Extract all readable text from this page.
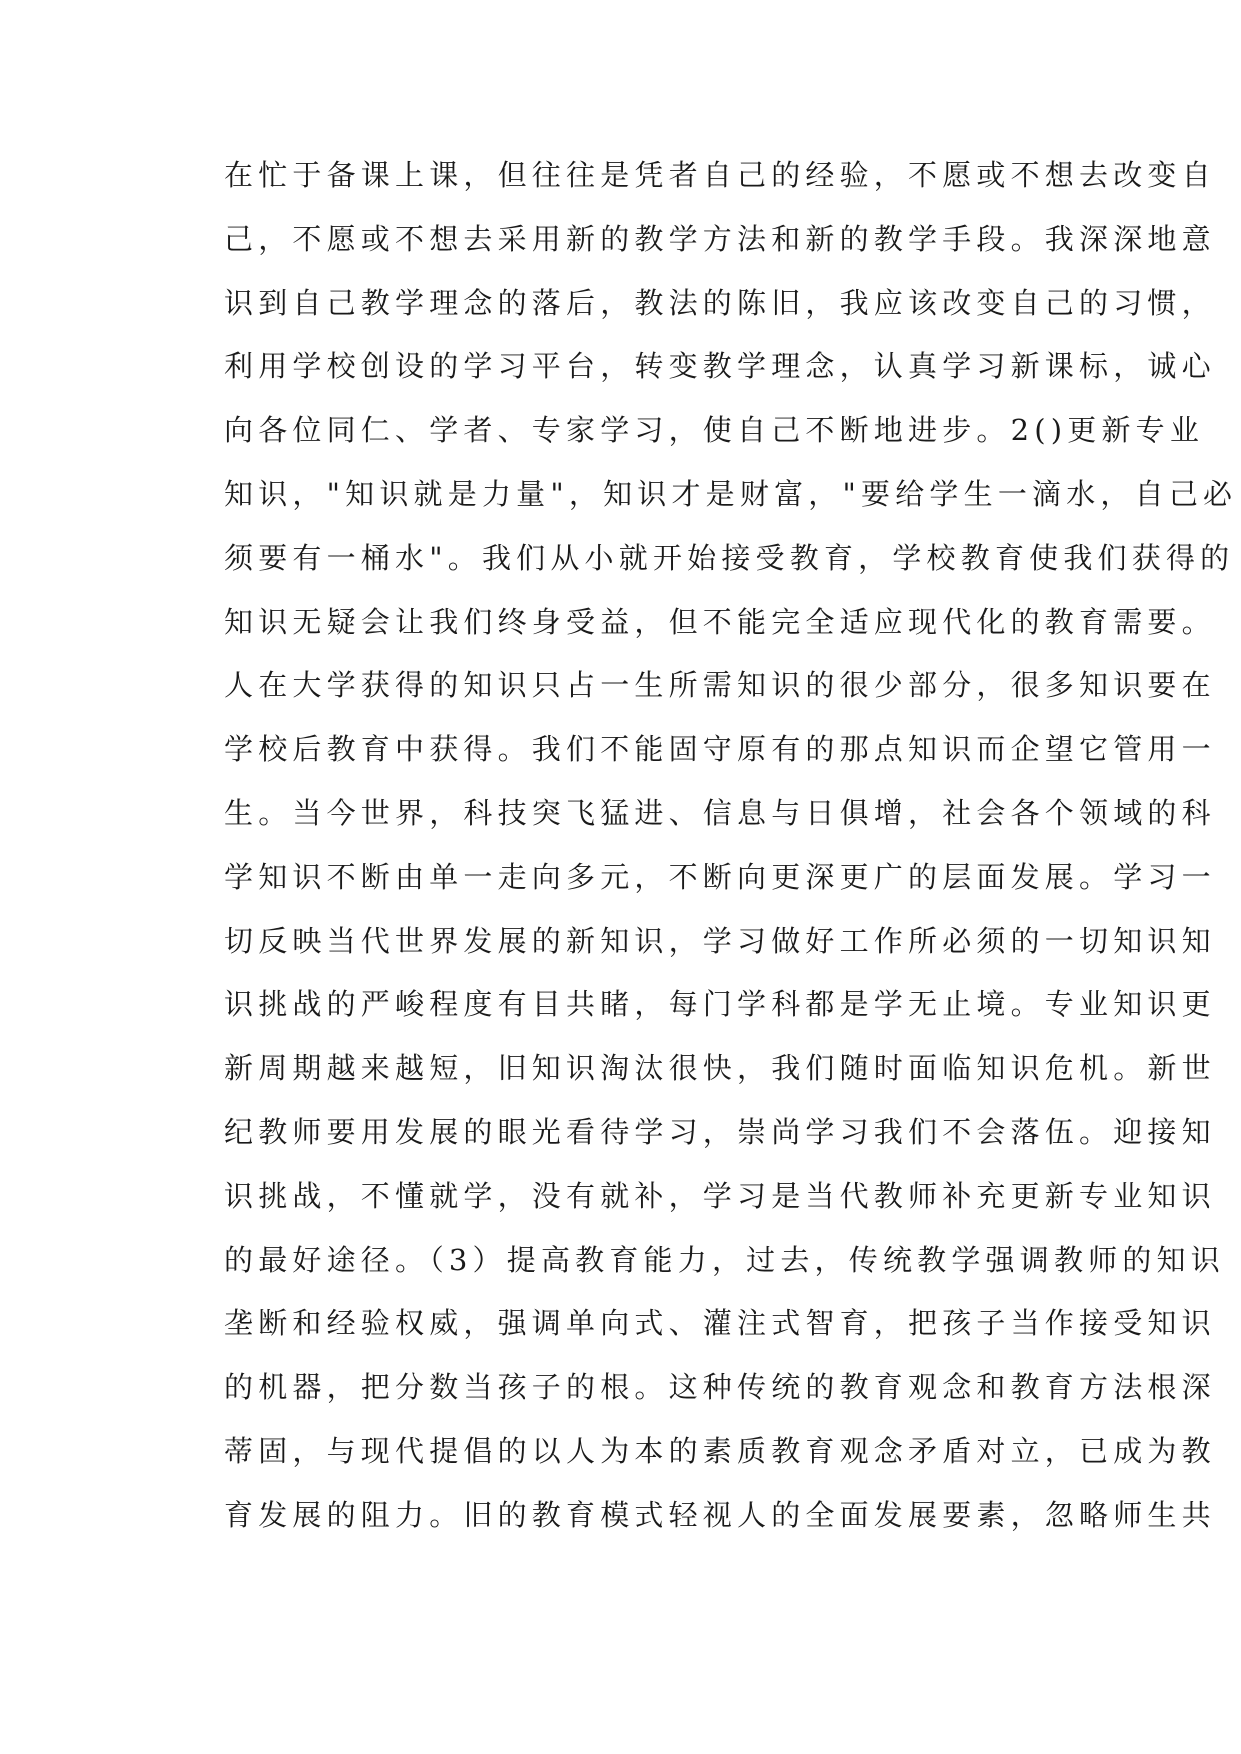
在忙于备课上课，但往往是凭者自己的经验，不愿或不想去改变自
己，不愿或不想去采用新的教学方法和新的教学手段。我深深地意
识到自己教学理念的落后，教法的陈旧，我应该改变自己的习惯，
利用学校创设的学习平台，转变教学理念，认真学习新课标，诚心
向各位同仁、学者、专家学习，使自己不断地进步。2()更新专业
知识，"知识就是力量"，知识才是财富，"要给学生一滴水，自己必
须要有一桶水"。我们从小就开始接受教育，学校教育使我们获得的
知识无疑会让我们终身受益，但不能完全适应现代化的教育需要。
人在大学获得的知识只占一生所需知识的很少部分，很多知识要在
学校后教育中获得。我们不能固守原有的那点知识而企望它管用一
生。当今世界，科技突飞猛进、信息与日俱增，社会各个领域的科
学知识不断由单一走向多元，不断向更深更广的层面发展。学习一
切反映当代世界发展的新知识，学习做好工作所必须的一切知识知
识挑战的严峻程度有目共睹，每门学科都是学无止境。专业知识更
新周期越来越短，旧知识淘汰很快，我们随时面临知识危机。新世
纪教师要用发展的眼光看待学习，崇尚学习我们不会落伍。迎接知
识挑战，不懂就学，没有就补，学习是当代教师补充更新专业知识
的最好途径。（3）提高教育能力，过去，传统教学强调教师的知识
垄断和经验权威，强调单向式、灌注式智育，把孩子当作接受知识
的机器，把分数当孩子的根。这种传统的教育观念和教育方法根深
蒂固，与现代提倡的以人为本的素质教育观念矛盾对立，已成为教
育发展的阻力。旧的教育模式轻视人的全面发展要素，忽略师生共
